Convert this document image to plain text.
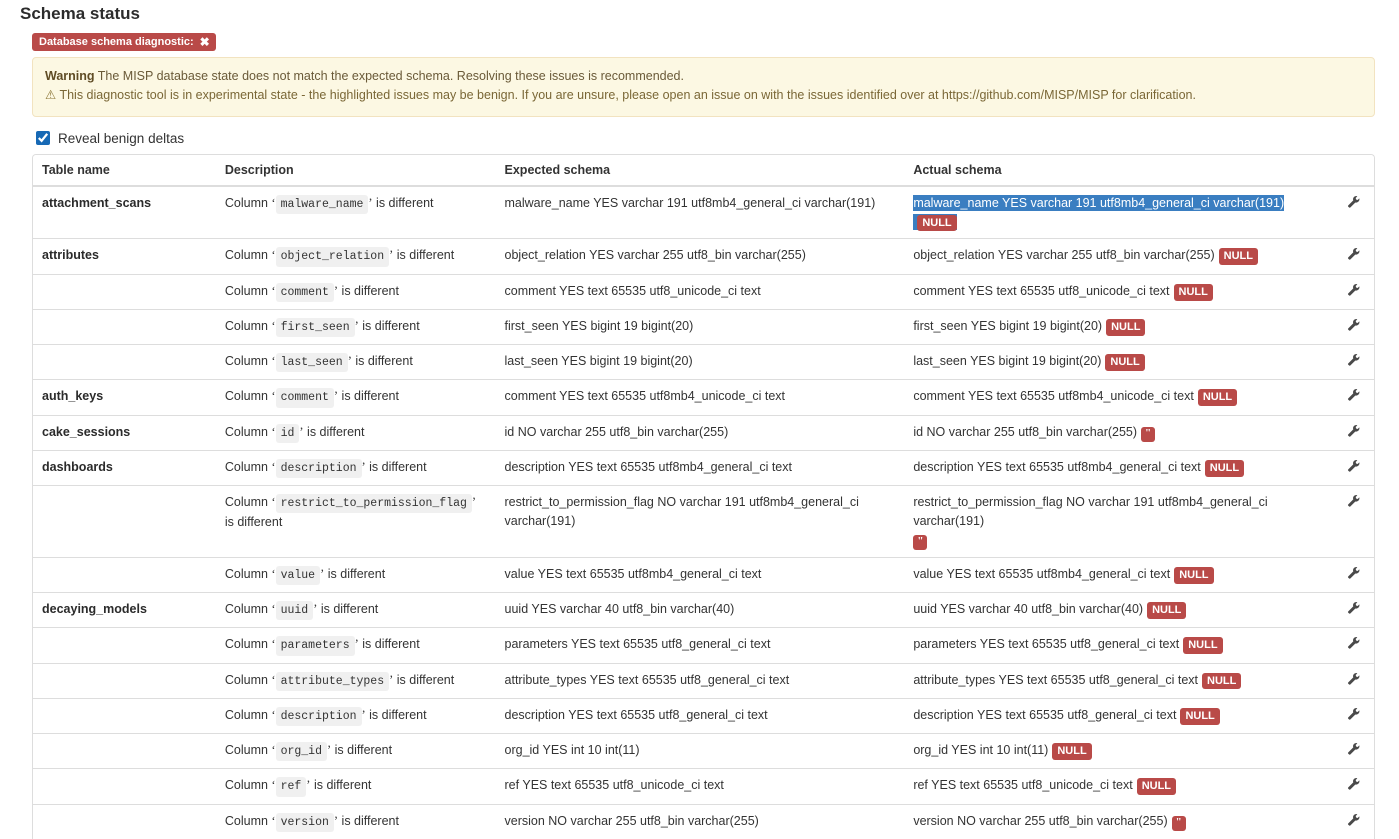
Schema status
Database schema diagnostic: ✖
Warning The MISP database state does not match the expected schema. Resolving these issues is recommended.
⚠ This diagnostic tool is in experimental state - the highlighted issues may be benign. If you are unsure, please open an issue on with the issues identified over at https://github.com/MISP/MISP for clarification.
Reveal benign deltas
Table name	Description	Expected schema	Actual schema	
attachment_scans	Column ‘ malware_name ’ is different	malware_name YES varchar 191 utf8mb4_general_ci varchar(191)	malware_name YES varchar 191 utf8mb4_general_ci varchar(191)NULL	

attributes	Column ‘ object_relation ’ is different	object_relation YES varchar 255 utf8_bin varchar(255)	object_relation YES varchar 255 utf8_bin varchar(255) NULL	

	Column ‘ comment ’ is different	comment YES text 65535 utf8_unicode_ci text	comment YES text 65535 utf8_unicode_ci text NULL	

	Column ‘ first_seen ’ is different	first_seen YES bigint 19 bigint(20)	first_seen YES bigint 19 bigint(20) NULL	

	Column ‘ last_seen ’ is different	last_seen YES bigint 19 bigint(20)	last_seen YES bigint 19 bigint(20) NULL	

auth_keys	Column ‘ comment ’ is different	comment YES text 65535 utf8mb4_unicode_ci text	comment YES text 65535 utf8mb4_unicode_ci text NULL	

cake_sessions	Column ‘ id ’ is different	id NO varchar 255 utf8_bin varchar(255)	id NO varchar 255 utf8_bin varchar(255) "	

dashboards	Column ‘ description ’ is different	description YES text 65535 utf8mb4_general_ci text	description YES text 65535 utf8mb4_general_ci text NULL	

	Column ‘ restrict_to_permission_flag ’ is different	restrict_to_permission_flag NO varchar 191 utf8mb4_general_ci varchar(191)	restrict_to_permission_flag NO varchar 191 utf8mb4_general_ci varchar(191)
"	

	Column ‘ value ’ is different	value YES text 65535 utf8mb4_general_ci text	value YES text 65535 utf8mb4_general_ci text NULL	

decaying_models	Column ‘ uuid ’ is different	uuid YES varchar 40 utf8_bin varchar(40)	uuid YES varchar 40 utf8_bin varchar(40) NULL	

	Column ‘ parameters ’ is different	parameters YES text 65535 utf8_general_ci text	parameters YES text 65535 utf8_general_ci text NULL	

	Column ‘ attribute_types ’ is different	attribute_types YES text 65535 utf8_general_ci text	attribute_types YES text 65535 utf8_general_ci text NULL	

	Column ‘ description ’ is different	description YES text 65535 utf8_general_ci text	description YES text 65535 utf8_general_ci text NULL	

	Column ‘ org_id ’ is different	org_id YES int 10 int(11)	org_id YES int 10 int(11) NULL	

	Column ‘ ref ’ is different	ref YES text 65535 utf8_unicode_ci text	ref YES text 65535 utf8_unicode_ci text NULL	

	Column ‘ version ’ is different	version NO varchar 255 utf8_bin varchar(255)	version NO varchar 255 utf8_bin varchar(255) "	
